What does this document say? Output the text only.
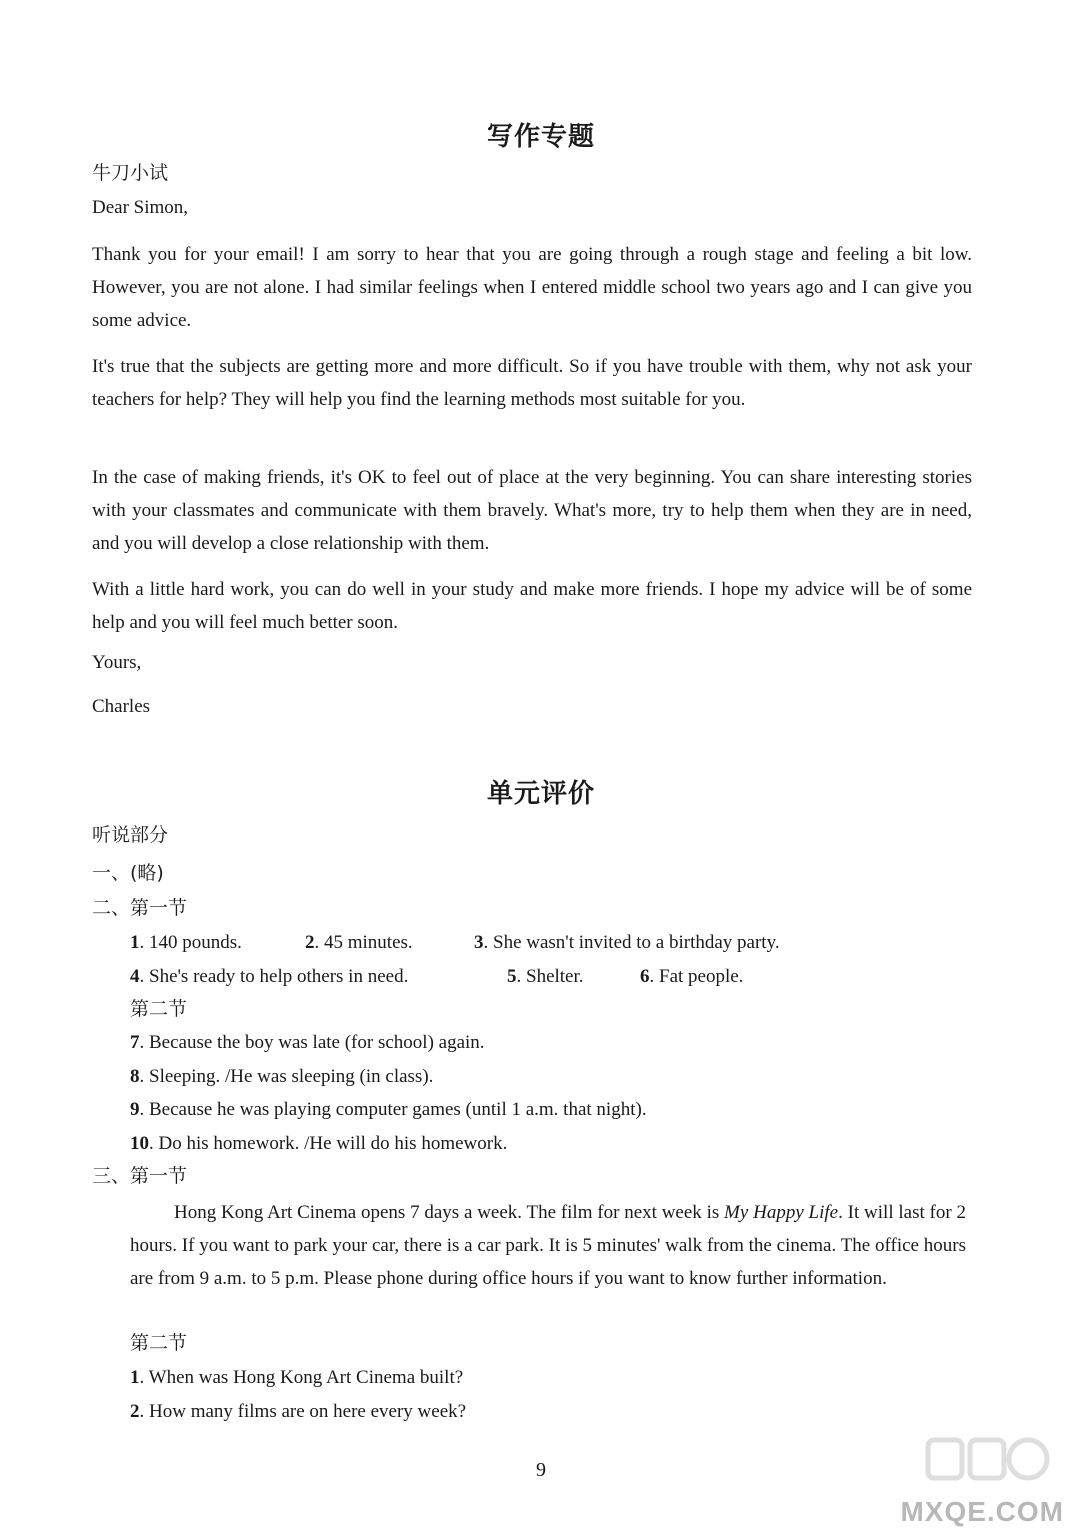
写作专题
牛刀小试
Dear Simon,
Thank you for your email! I am sorry to hear that you are going through a rough stage and feeling a bit low. However, you are not alone. I had similar feelings when I entered middle school two years ago and I can give you some advice.
It's true that the subjects are getting more and more difficult. So if you have trouble with them, why not ask your teachers for help? They will help you find the learning methods most suitable for you.
In the case of making friends, it's OK to feel out of place at the very beginning. You can share interesting stories with your classmates and communicate with them bravely. What's more, try to help them when they are in need, and you will develop a close relationship with them.
With a little hard work, you can do well in your study and make more friends. I hope my advice will be of some help and you will feel much better soon.
Yours,
Charles
单元评价
听说部分
一、(略)
二、第一节
1. 140 pounds.	2. 45 minutes.	3. She wasn't invited to a birthday party.
4. She's ready to help others in need.	5. Shelter.	6. Fat people.
第二节
7. Because the boy was late (for school) again.
8. Sleeping. /He was sleeping (in class).
9. Because he was playing computer games (until 1 a.m. that night).
10. Do his homework. /He will do his homework.
三、第一节
Hong Kong Art Cinema opens 7 days a week. The film for next week is My Happy Life. It will last for 2 hours. If you want to park your car, there is a car park. It is 5 minutes' walk from the cinema. The office hours are from 9 a.m. to 5 p.m. Please phone during office hours if you want to know further information.
第二节
1. When was Hong Kong Art Cinema built?
2. How many films are on here every week?
9
MXQE.COM
